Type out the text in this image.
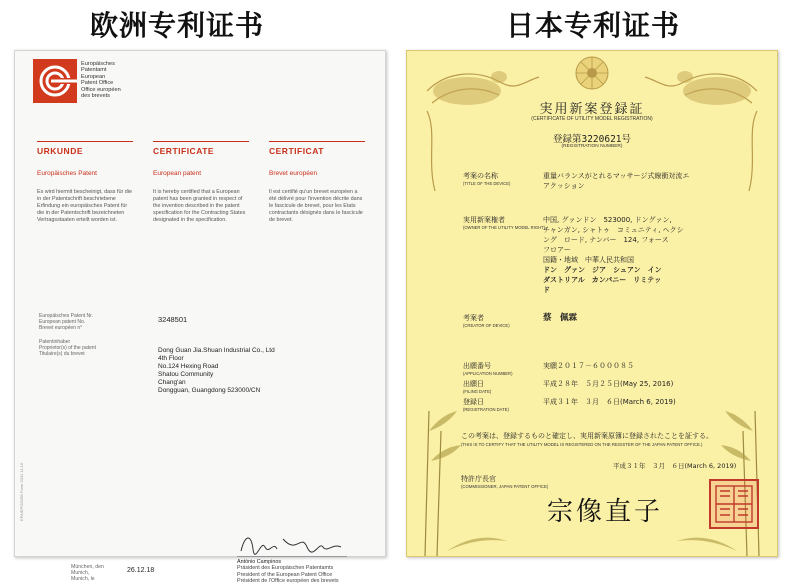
欧洲专利证书	日本专利证书
Europäisches
Patentamt
European
Patent Office
Office européen
des brevets
URKUNDE
Europäisches Patent
Es wird hiermit bescheinigt, dass für die in der Patentschrift beschriebene Erfindung ein europäisches Patent für die in der Patentschrift bezeichneten Vertragsstaaten erteilt worden ist.
CERTIFICATE
European patent
It is hereby certified that a European patent has been granted in respect of the invention described in the patent specification for the Contracting States designated in the specification.
CERTIFICAT
Brevet européen
Il est certifié qu'un brevet européen a été délivré pour l'invention décrite dans le fascicule de brevet, pour les Etats contractants désignés dans le fascicule de brevet.
Europäisches Patent Nr.
European patent No.
Brevet européen n°
3248501
Patentinhaber
Proprietor(s) of the patent
Titulaire(s) du brevet	Dong Guan Jia.Shuan Industrial Co., Ltd
4th Floor
No.124 Hexing Road
Shatou Community
Chang'an
Dongguan, Guangdong 523000/CN
António Campinos
Präsident des Europäischen Patentamts
President of the European Patent Office
Président de l'Office européen des brevets
München, den
Munich,
Munich, le
26.12.18
EPA/EPO/OEB Form 2031 11.16
実用新案登録証
(CERTIFICATE OF UTILITY MODEL REGISTRATION)
登録第3220621号
(REGISTRATION NUMBER)
考案の名称
(TITLE OF THE DEVICE)
重量バランスがとれるマッサージ式線衝対流エ
アクッション
実用新案権者
(OWNER OF THE UTILITY MODEL RIGHT)
中国, グァンドン　523000, ドングァン,
チャンガン, シャトゥ　コミュニティ, ヘクシ
ング　ロード, ナンバー　124, フォース
フロアー
国籍・地域　中華人民共和国
ドン　グァン　ジア　シュアン　イン
ダストリアル　カンパニー　リミテッ
ド
考案者
(CREATOR OF DEVICE)
蔡　佩霖
出願番号
(APPLICATION NUMBER)
実願２０１７－６０００８５
出願日
(FILING DATE)
平成２８年　５月２５日(May 25, 2016)
登録日
(REGISTRATION DATE)
平成３１年　３月　６日(March 6, 2019)
この考案は、登録するものと確定し、実用新案原簿に登録されたことを証する。
(THIS IS TO CERTIFY THAT THE UTILITY MODEL IS REGISTERED ON THE REGISTER OF THE JAPAN PATENT OFFICE.)
平成３１年　３月　６日(March 6, 2019)
特許庁長官
(COMMISSIONER, JAPAN PATENT OFFICE)
宗像直子
